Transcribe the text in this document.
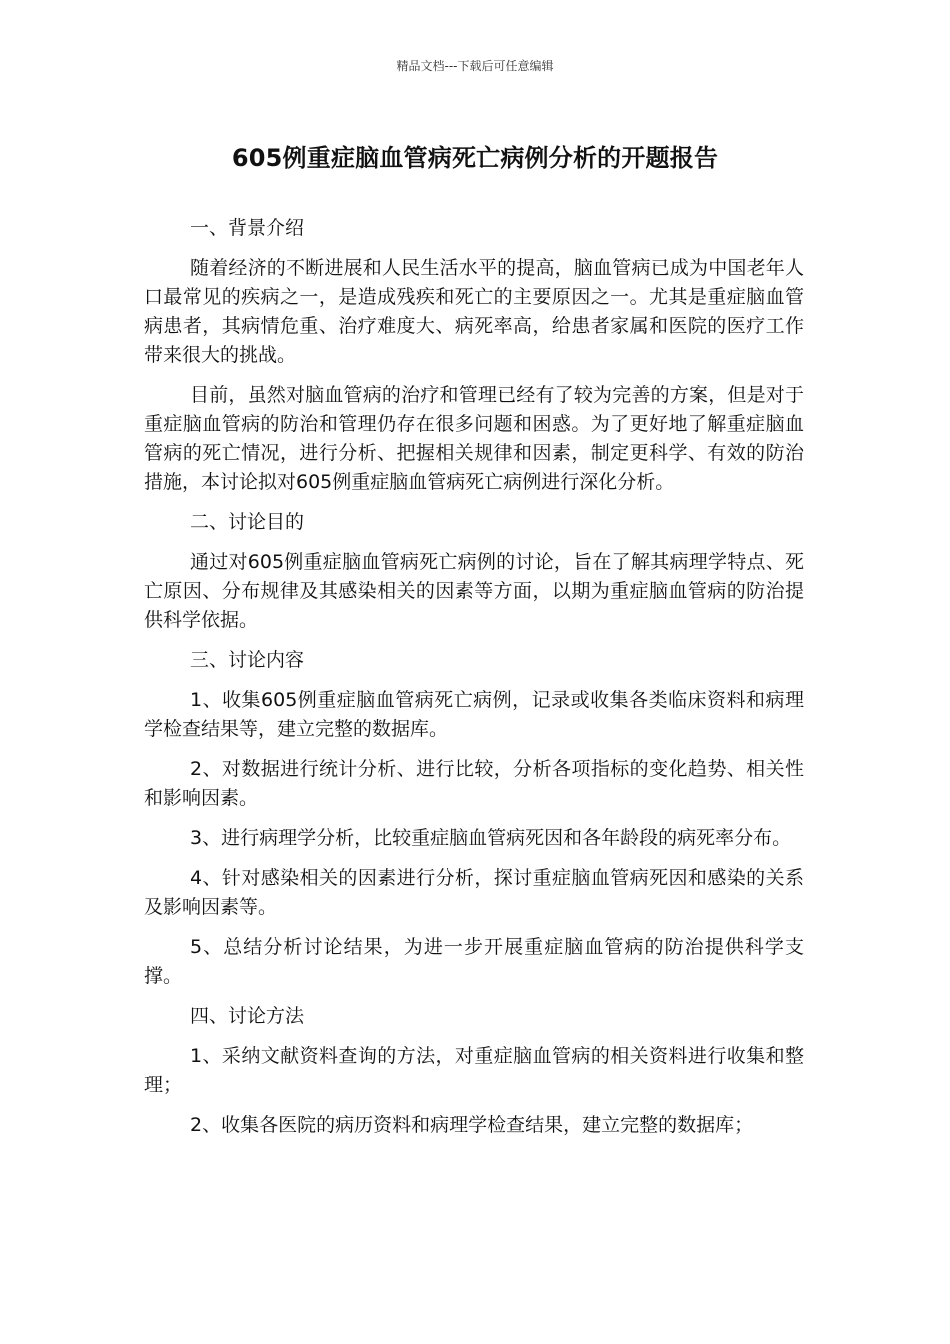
精品文档---下载后可任意编辑
605例重症脑血管病死亡病例分析的开题报告
一、背景介绍

随着经济的不断进展和人民生活水平的提高，脑血管病已成为中国老年人口最常见的疾病之一，是造成残疾和死亡的主要原因之一。尤其是重症脑血管病患者，其病情危重、治疗难度大、病死率高，给患者家属和医院的医疗工作带来很大的挑战。

目前，虽然对脑血管病的治疗和管理已经有了较为完善的方案，但是对于重症脑血管病的防治和管理仍存在很多问题和困惑。为了更好地了解重症脑血管病的死亡情况，进行分析、把握相关规律和因素，制定更科学、有效的防治措施，本讨论拟对605例重症脑血管病死亡病例进行深化分析。

二、讨论目的

通过对605例重症脑血管病死亡病例的讨论，旨在了解其病理学特点、死亡原因、分布规律及其感染相关的因素等方面，以期为重症脑血管病的防治提供科学依据。

三、讨论内容

1、收集605例重症脑血管病死亡病例，记录或收集各类临床资料和病理学检查结果等，建立完整的数据库。

2、对数据进行统计分析、进行比较，分析各项指标的变化趋势、相关性和影响因素。

3、进行病理学分析，比较重症脑血管病死因和各年龄段的病死率分布。

4、针对感染相关的因素进行分析，探讨重症脑血管病死因和感染的关系及影响因素等。

5、总结分析讨论结果，为进一步开展重症脑血管病的防治提供科学支撑。

四、讨论方法

1、采纳文献资料查询的方法，对重症脑血管病的相关资料进行收集和整理；

2、收集各医院的病历资料和病理学检查结果，建立完整的数据库；
